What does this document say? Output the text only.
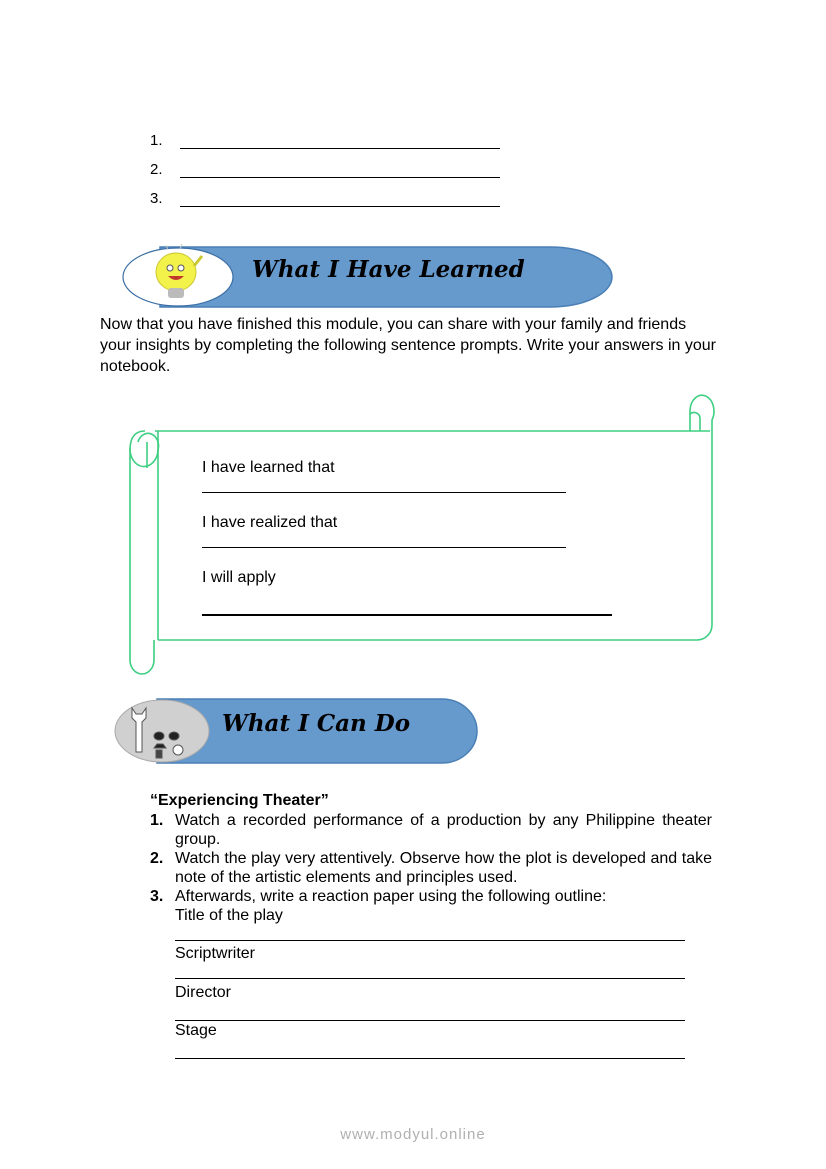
1.
2.
3.
What I Have Learned

Now that you have finished this module, you can share with your family and friends your insights by completing the following sentence prompts. Write your answers in your notebook.

I have learned that
I have realized that
I will apply
What I Can Do
“Experiencing Theater”
1. Watch a recorded performance of a production by any Philippine theater group.
2. Watch the play very attentively. Observe how the plot is developed and take note of the artistic elements and principles used.
3. Afterwards, write a reaction paper using the following outline:
Title of the play
Scriptwriter
Director
Stage
www.modyul.online
